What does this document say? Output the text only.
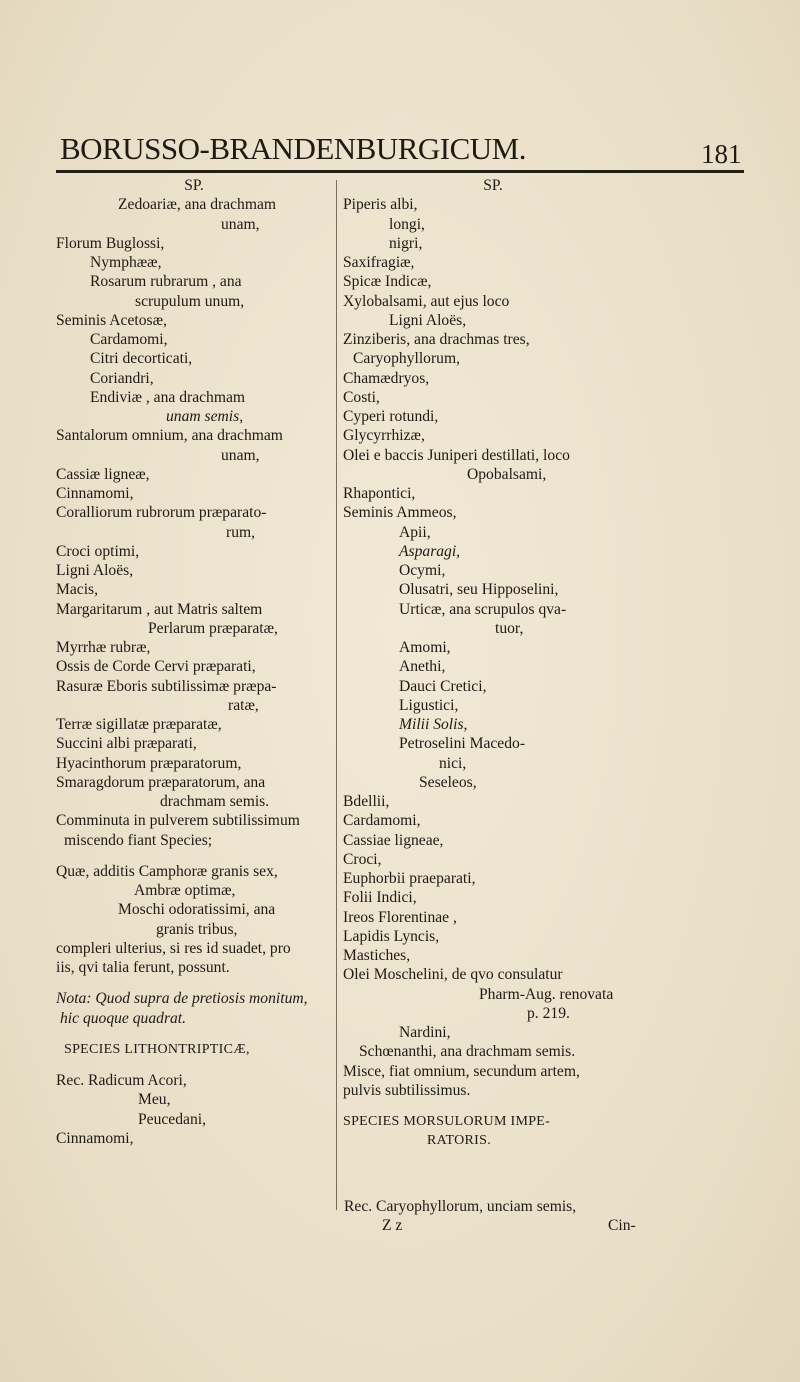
BORUSSO-BRANDENBURGICUM.	181
SP.
Zedoariæ, ana drachmam
unam,
Florum Buglossi,
Nymphææ,
Rosarum rubrarum , ana
scrupulum unum,
Seminis Acetosæ,
Cardamomi,
Citri decorticati,
Coriandri,
Endiviæ , ana drachmam
unam semis,
Santalorum omnium, ana drachmam
unam,
Cassiæ ligneæ,
Cinnamomi,
Coralliorum rubrorum præparato-
rum,
Croci optimi,
Ligni Aloës,
Macis,
Margaritarum , aut Matris saltem
Perlarum præparatæ,
Myrrhæ rubræ,
Ossis de Corde Cervi præparati,
Rasuræ Eboris subtilissimæ præpa-
ratæ,
Terræ sigillatæ præparatæ,
Succini albi præparati,
Hyacinthorum præparatorum,
Smaragdorum præparatorum, ana
drachmam semis.
Comminuta in pulverem subtilissimum
miscendo fiant Species;
Quæ, additis Camphoræ granis sex,
Ambræ optimæ,
Moschi odoratissimi, ana
granis tribus,
compleri ulterius, si res id suadet, pro
iis, qvi talia ferunt, possunt.
Nota: Quod supra de pretiosis monitum,
hic quoque quadrat.
SPECIES LITHONTRIPTICÆ,
Rec. Radicum Acori,
Meu,
Peucedani,
Cinnamomi,
SP.
Piperis albi,
longi,
nigri,
Saxifragiæ,
Spicæ Indicæ,
Xylobalsami, aut ejus loco
Ligni Aloës,
Zinziberis, ana drachmas tres,
Caryophyllorum,
Chamædryos,
Costi,
Cyperi rotundi,
Glycyrrhizæ,
Olei e baccis Juniperi destillati, loco
Opobalsami,
Rhapontici,
Seminis Ammeos,
Apii,
Asparagi,
Ocymi,
Olusatri, seu Hipposelini,
Urticæ, ana scrupulos qva-
tuor,
Amomi,
Anethi,
Dauci Cretici,
Ligustici,
Milii Solis,
Petroselini Macedo-
nici,
Seseleos,
Bdellii,
Cardamomi,
Cassiae ligneae,
Croci,
Euphorbii praeparati,
Folii Indici,
Ireos Florentinae ,
Lapidis Lyncis,
Mastiches,
Olei Moschelini, de qvo consulatur
Pharm-Aug. renovata
p. 219.
Nardini,
Schœnanthi, ana drachmam semis.
Misce, fiat omnium, secundum artem,
pulvis subtilissimus.
SPECIES MORSULORUM IMPE-
RATORIS.
Rec. Caryophyllorum, unciam semis,
Z z	Cin-
